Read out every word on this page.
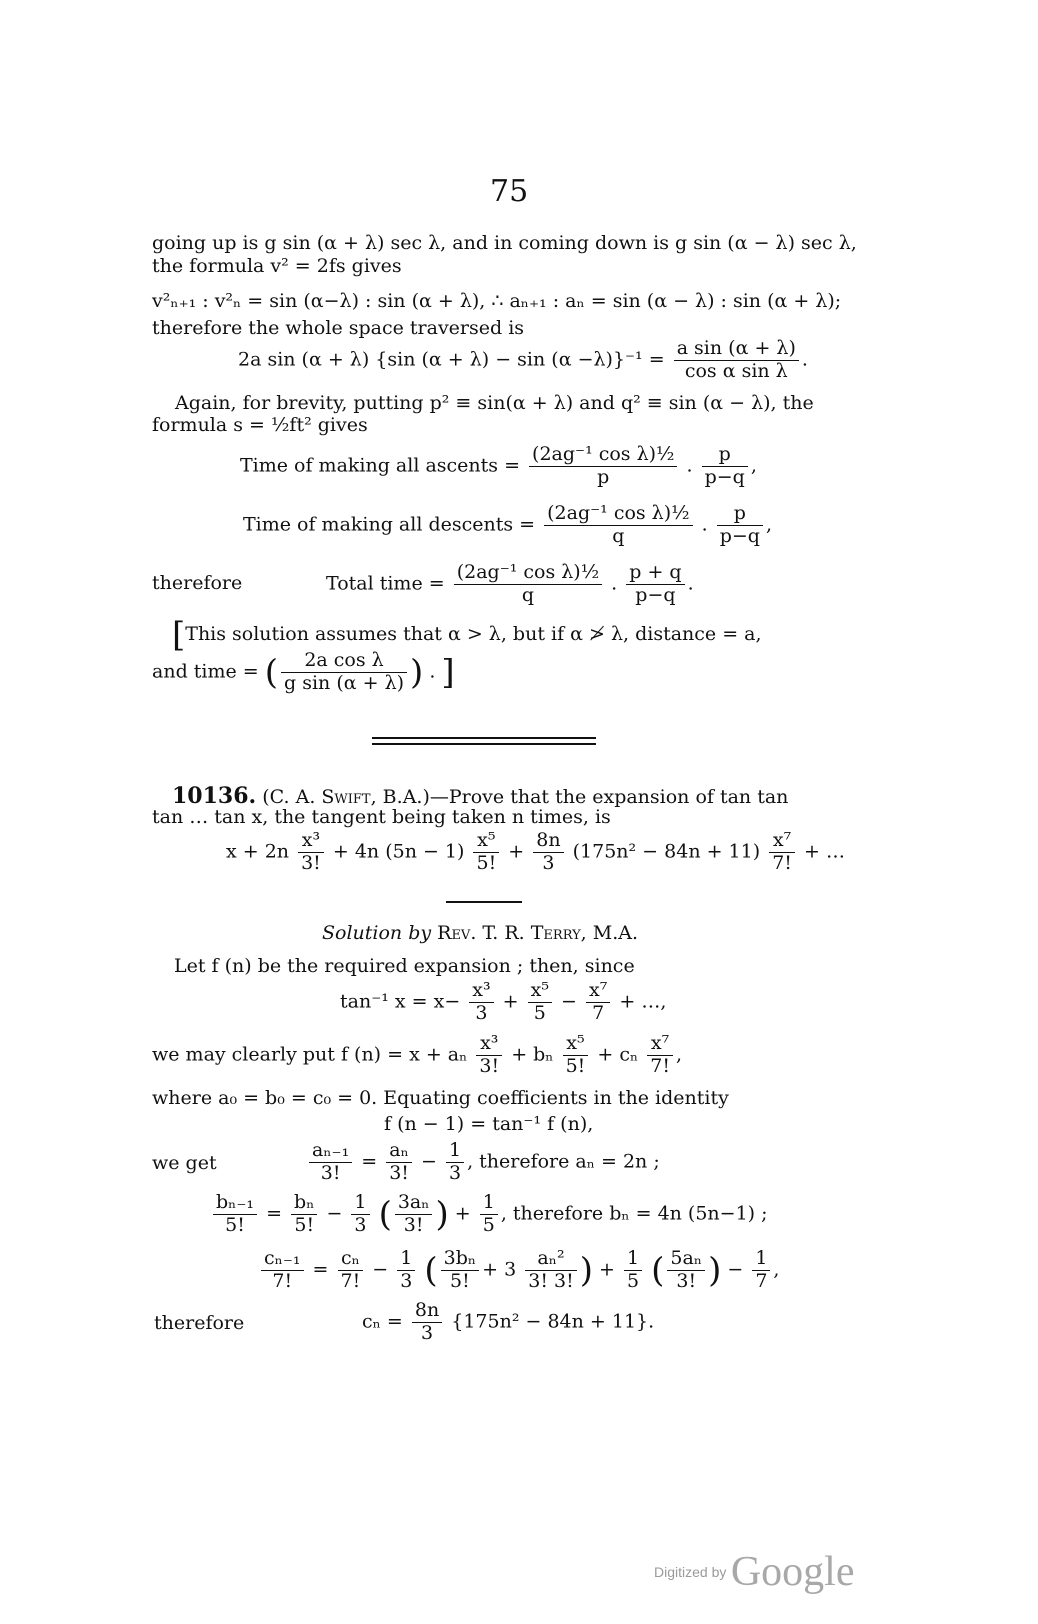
75
going up is g sin (α + λ) sec λ, and in coming down is g sin (α − λ) sec λ,
the formula v² = 2fs gives
v²ₙ₊₁ : v²ₙ = sin (α−λ) : sin (α + λ), ∴ aₙ₊₁ : aₙ = sin (α − λ) : sin (α + λ);
therefore the whole space traversed is
2a sin (α + λ) {sin $(\alpha + \lambda) - \sin (\alpha -\lambda)\}^{-1} = \frac{\text{a sin (α + λ)}}{\text{cos α sin λ}}$ .
Again, for brevity, putting p² ≡ sin(α + λ) and q² ≡ sin (α − λ), the
formula s = ½ft² gives
Time of making all ascents = $\frac{\text{(2ag⁻¹ cos λ)½}}{p}$ . $\frac{p}{p-q}$ ,
Time of making all descents = $\frac{\text{(2ag⁻¹ cos λ)½}}{q}$ . $\frac{p}{p-q}$ ,
therefore	Total time = $\frac{\text{(2ag⁻¹ cos λ)½}}{q}$ . $\frac{p + q}{p-q}$ .
[This solution assumes that α > λ, but if α ≯ λ, distance = a,
and time = ( $\frac{\text{2a cos λ}}{\text{g sin (α + λ)}}$ ) . ]
10136. (C. A. Swift, B.A.)—Prove that the expansion of tan tan
tan … tan x, the tangent being taken n times, is
$x + 2n \frac{\text{x³}}{3!} + 4n$ $(5n - 1) \frac{\text{x⁵}}{5!} + \frac{8n}{3} (175n^2 - 84n + 11) \frac{\text{x⁷}}{7!}$ + …
Solution by Rev. T. R. Terry, M.A.
Let f (n) be the required expansion ; then, since
tan⁻¹ $x = x- \frac{\text{x³}}{3} + \frac{\text{x⁵}}{5} - \frac{\text{x⁷}}{7}$ + …,
we may clearly put f (n) = x + aₙ $\frac{\text{x³}}{3!} + b_n \frac{\text{x⁵}}{5!} + c_n \frac{\text{x⁷}}{7!}$ ,
where a₀ = b₀ = c₀ = 0. Equating coefficients in the identity
f (n − 1) = tan⁻¹ f (n),
we get	$\frac{\text{aₙ₋₁}}{3!} = \frac{\text{aₙ}}{3!} - \frac{1}{3}$ , therefore aₙ = 2n ;
$\frac{\text{bₙ₋₁}}{5!} = \frac{\text{bₙ}}{5!} - \frac{1}{3}$ ( $\frac{\text{3aₙ}}{3!}$ ) + $\frac{1}{5}$ , therefore bₙ = 4n (5n−1) ;
$\frac{\text{cₙ₋₁}}{7!} = \frac{\text{cₙ}}{7!} - \frac{1}{3}$ ( $\frac{\text{3bₙ}}{5!} + 3 \frac{\text{aₙ²}}{3! 3!}$ ) + $\frac{1}{5}$ ( $\frac{\text{5aₙ}}{3!}$ ) − $\frac{1}{7}$ ,
therefore	$c_n = \frac{8n}{3} \{175n^2 - 84n + 11\}$.
Digitized by Google
